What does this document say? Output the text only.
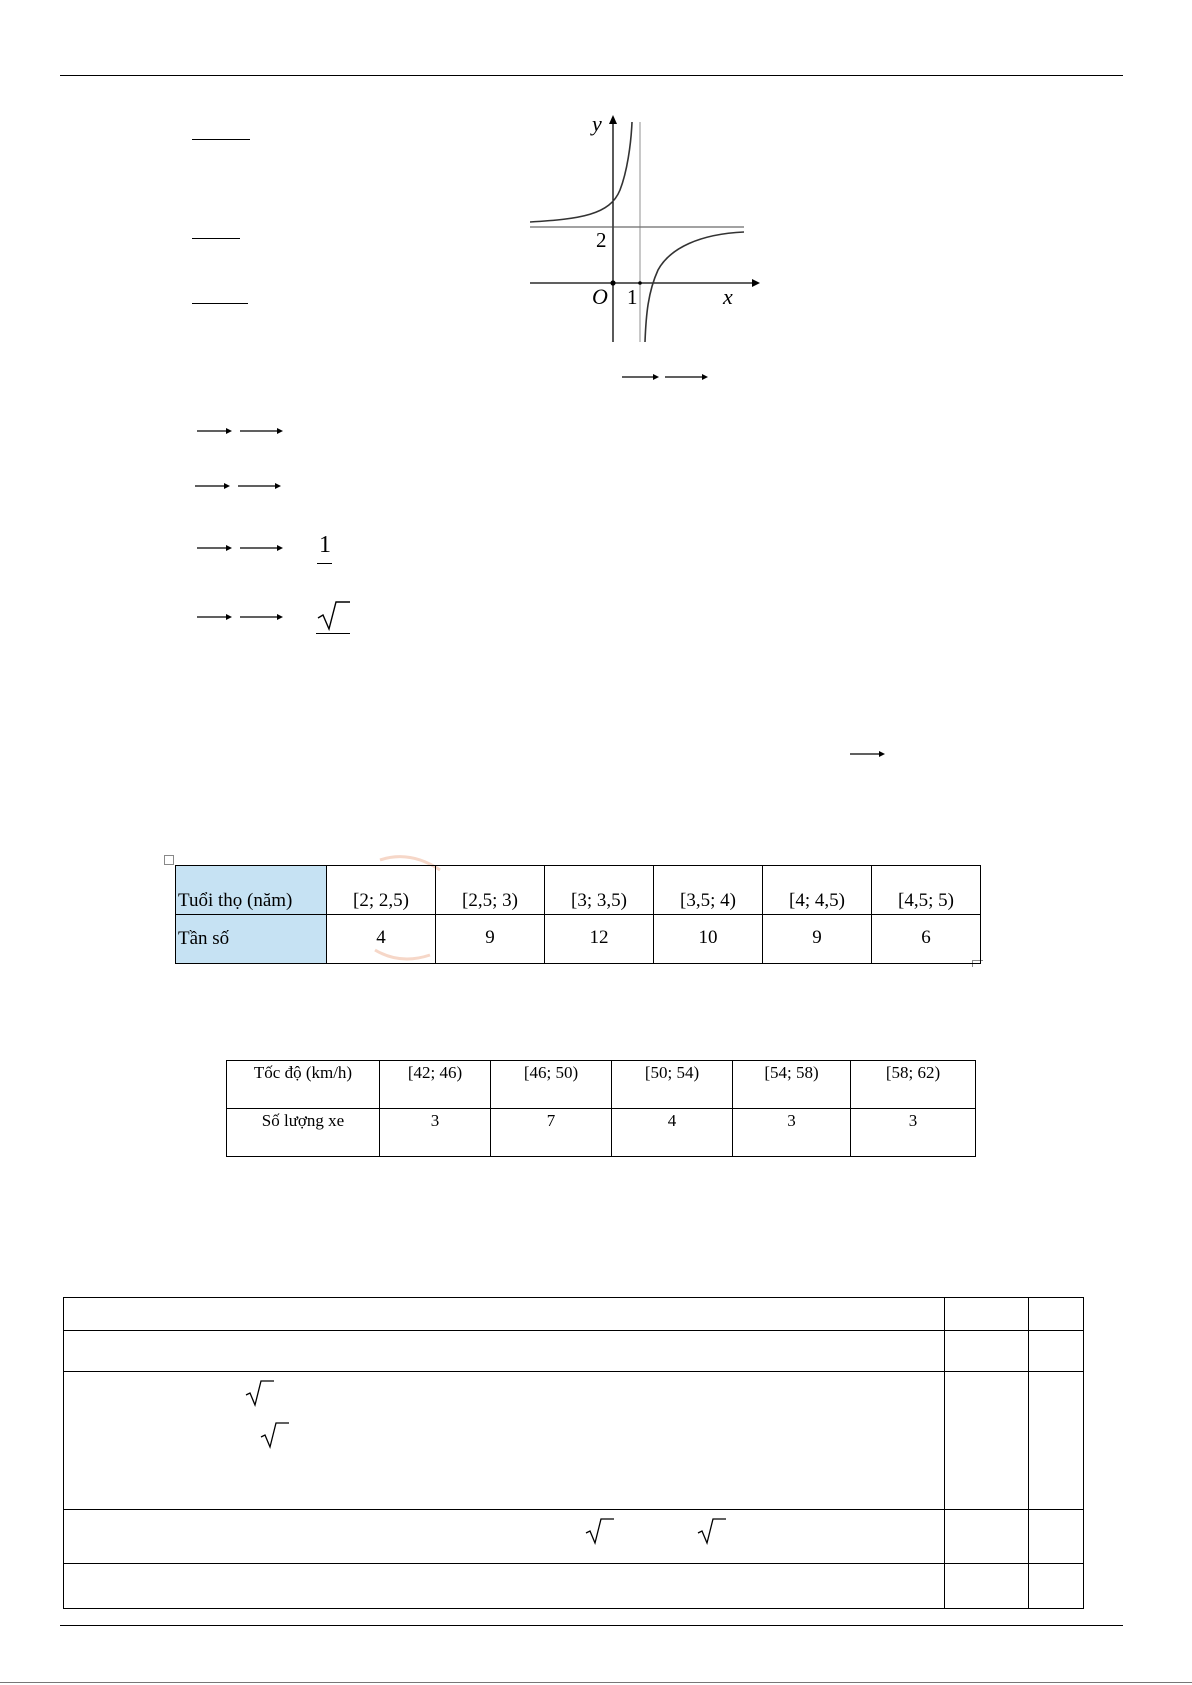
y
x
O
2
1
1
Tuổi thọ (năm)	[2; 2,5)	[2,5; 3)	[3; 3,5)	[3,5; 4)	[4; 4,5)	[4,5; 5)
Tần số	4	9	12	10	9	6
Tốc độ (km/h)	[42; 46)	[46; 50)	[50; 54)	[54; 58)	[58; 62)
Số lượng xe	3	7	4	3	3
